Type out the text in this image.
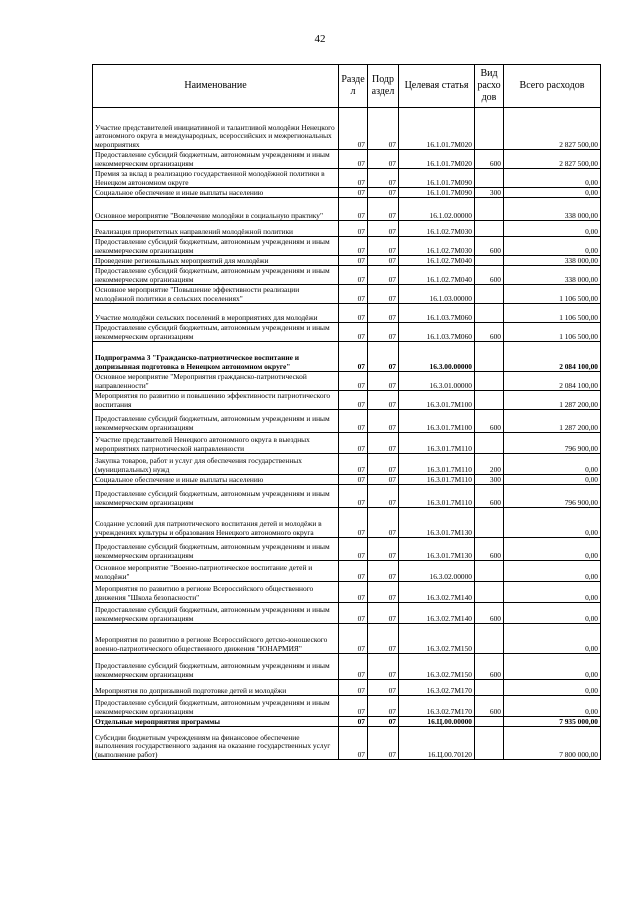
42
Наименование	Разде л	Подр аздел	Целевая статья	Вид расхо дов	Всего расходов
Участие представителей инициативной и талантливой молодёжи Ненецкого автономного округа в международных, всероссийских и межрегиональных мероприятиях	07	07	16.1.01.7М020		2 827 500,00
Предоставление субсидий бюджетным, автономным учреждениям и иным некоммерческим организациям	07	07	16.1.01.7М020	600	2 827 500,00
Премия за вклад в реализацию государственной молодёжной политики в Ненецком автономном округе	07	07	16.1.01.7М090		0,00
Социальное обеспечение и иные выплаты населению	07	07	16.1.01.7М090	300	0,00
Основное мероприятие "Вовлечение молодёжи в социальную практику"	07	07	16.1.02.00000		338 000,00
Реализация приоритетных направлений молодёжной политики	07	07	16.1.02.7М030		0,00
Предоставление субсидий бюджетным, автономным учреждениям и иным некоммерческим организациям	07	07	16.1.02.7М030	600	0,00
Проведение региональных мероприятий для молодёжи	07	07	16.1.02.7М040		338 000,00
Предоставление субсидий бюджетным, автономным учреждениям и иным некоммерческим организациям	07	07	16.1.02.7М040	600	338 000,00
Основное мероприятие "Повышение эффективности реализации молодёжной политики в сельских поселениях"	07	07	16.1.03.00000		1 106 500,00
Участие молодёжи сельских поселений в мероприятиях для молодёжи	07	07	16.1.03.7М060		1 106 500,00
Предоставление субсидий бюджетным, автономным учреждениям и иным некоммерческим организациям	07	07	16.1.03.7М060	600	1 106 500,00
Подпрограмма 3 "Гражданско-патриотическое воспитание и допризывная подготовка в Ненецком автономном округе"	07	07	16.3.00.00000		2 084 100,00
Основное мероприятие "Мероприятия гражданско-патриотической направленности"	07	07	16.3.01.00000		2 084 100,00
Мероприятия по развитию и повышению эффективности патриотического воспитания	07	07	16.3.01.7М100		1 287 200,00
Предоставление субсидий бюджетным, автономным учреждениям и иным некоммерческим организациям	07	07	16.3.01.7М100	600	1 287 200,00
Участие представителей Ненецкого автономного округа в выездных мероприятиях патриотической направленности	07	07	16.3.01.7М110		796 900,00
Закупка товаров, работ и услуг для обеспечения государственных (муниципальных) нужд	07	07	16.3.01.7М110	200	0,00
Социальное обеспечение и иные выплаты населению	07	07	16.3.01.7М110	300	0,00
Предоставление субсидий бюджетным, автономным учреждениям и иным некоммерческим организациям	07	07	16.3.01.7М110	600	796 900,00
Создание условий для патриотического воспитания детей и молодёжи в учреждениях культуры и образования Ненецкого автономного округа	07	07	16.3.01.7М130		0,00
Предоставление субсидий бюджетным, автономным учреждениям и иным некоммерческим организациям	07	07	16.3.01.7М130	600	0,00
Основное мероприятие "Военно-патриотическое воспитание детей и молодёжи"	07	07	16.3.02.00000		0,00
Мероприятия по развитию в регионе Всероссийского общественного движения "Школа безопасности"	07	07	16.3.02.7М140		0,00
Предоставление субсидий бюджетным, автономным учреждениям и иным некоммерческим организациям	07	07	16.3.02.7М140	600	0,00
Мероприятия по развитию в регионе Всероссийского детско-юношеского военно-патриотического общественного движения "ЮНАРМИЯ"	07	07	16.3.02.7М150		0,00
Предоставление субсидий бюджетным, автономным учреждениям и иным некоммерческим организациям	07	07	16.3.02.7М150	600	0,00
Мероприятия по допризывной подготовке детей и молодёжи	07	07	16.3.02.7М170		0,00
Предоставление субсидий бюджетным, автономным учреждениям и иным некоммерческим организациям	07	07	16.3.02.7М170	600	0,00
Отдельные мероприятия программы	07	07	16.Ц.00.00000		7 935 000,00
Субсидии бюджетным учреждениям на финансовое обеспечение выполнения государственного задания на оказание государственных услуг (выполнение работ)	07	07	16.Ц.00.70120		7 800 000,00
